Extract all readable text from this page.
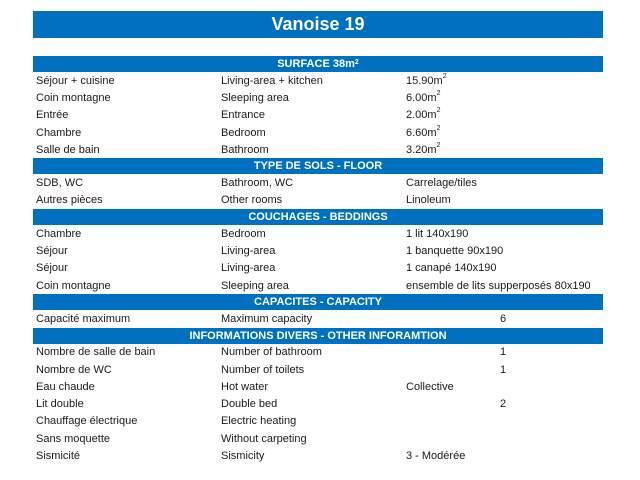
Vanoise 19
SURFACE $38m^2$
Séjour + cuisine	Living-area + kitchen	$15.90m^2$
Coin montagne	Sleeping area	$6.00m^2$
Entrée	Entrance	$2.00m^2$
Chambre	Bedroom	$6.60m^2$
Salle de bain	Bathroom	$3.20m^2$
TYPE DE SOLS - FLOOR
SDB, WC	Bathroom, WC	Carrelage/tiles
Autres pièces	Other rooms	Linoleum
COUCHAGES - BEDDINGS
Chambre	Bedroom	1 lit 140x190
Séjour	Living-area	1 banquette 90x190
Séjour	Living-area	1 canapé 140x190
Coin montagne	Sleeping area	ensemble de lits supperposés 80x190
CAPACITES - CAPACITY
Capacité maximum	Maximum capacity	6
INFORMATIONS DIVERS - OTHER INFORAMTION
Nombre de salle de bain	Number of bathroom	1
Nombre de WC	Number of toilets	1
Eau chaude	Hot water	Collective
Lit double	Double bed	2
Chauffage électrique	Electric heating
Sans moquette	Without carpeting
Sismicité	Sismicity	3 - Modérée
